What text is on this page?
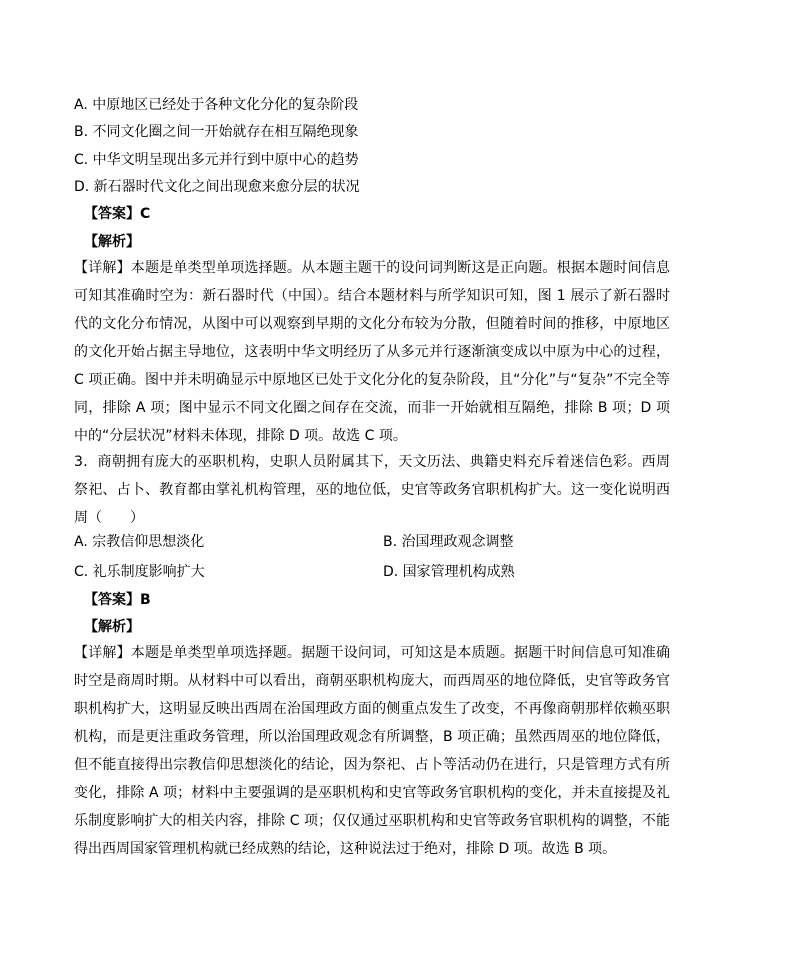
A. 中原地区已经处于各种文化分化的复杂阶段
B. 不同文化圈之间一开始就存在相互隔绝现象
C. 中华文明呈现出多元并行到中原中心的趋势
D. 新石器时代文化之间出现愈来愈分层的状况
【答案】C
【解析】
【详解】本题是单类型单项选择题。从本题主题干的设问词判断这是正向题。根据本题时间信息可知其准确时空为：新石器时代（中国）。结合本题材料与所学知识可知，图 1 展示了新石器时代的文化分布情况，从图中可以观察到早期的文化分布较为分散，但随着时间的推移，中原地区的文化开始占据主导地位，这表明中华文明经历了从多元并行逐渐演变成以中原为中心的过程，C 项正确。图中并未明确显示中原地区已处于文化分化的复杂阶段，且“分化”与“复杂”不完全等同，排除 A 项；图中显示不同文化圈之间存在交流，而非一开始就相互隔绝，排除 B 项；D 项中的“分层状况”材料未体现，排除 D 项。故选 C 项。
3．商朝拥有庞大的巫职机构，史职人员附属其下，天文历法、典籍史料充斥着迷信色彩。西周祭祀、占卜、教育都由掌礼机构管理，巫的地位低，史官等政务官职机构扩大。这一变化说明西周（　　）
A. 宗教信仰思想淡化	B. 治国理政观念调整
C. 礼乐制度影响扩大	D. 国家管理机构成熟
【答案】B
【解析】
【详解】本题是单类型单项选择题。据题干设问词，可知这是本质题。据题干时间信息可知准确时空是商周时期。从材料中可以看出，商朝巫职机构庞大，而西周巫的地位降低，史官等政务官职机构扩大，这明显反映出西周在治国理政方面的侧重点发生了改变，不再像商朝那样依赖巫职机构，而是更注重政务管理，所以治国理政观念有所调整，B 项正确；虽然西周巫的地位降低，但不能直接得出宗教信仰思想淡化的结论，因为祭祀、占卜等活动仍在进行，只是管理方式有所变化，排除 A 项；材料中主要强调的是巫职机构和史官等政务官职机构的变化，并未直接提及礼乐制度影响扩大的相关内容，排除 C 项；仅仅通过巫职机构和史官等政务官职机构的调整，不能得出西周国家管理机构就已经成熟的结论，这种说法过于绝对，排除 D 项。故选 B 项。
